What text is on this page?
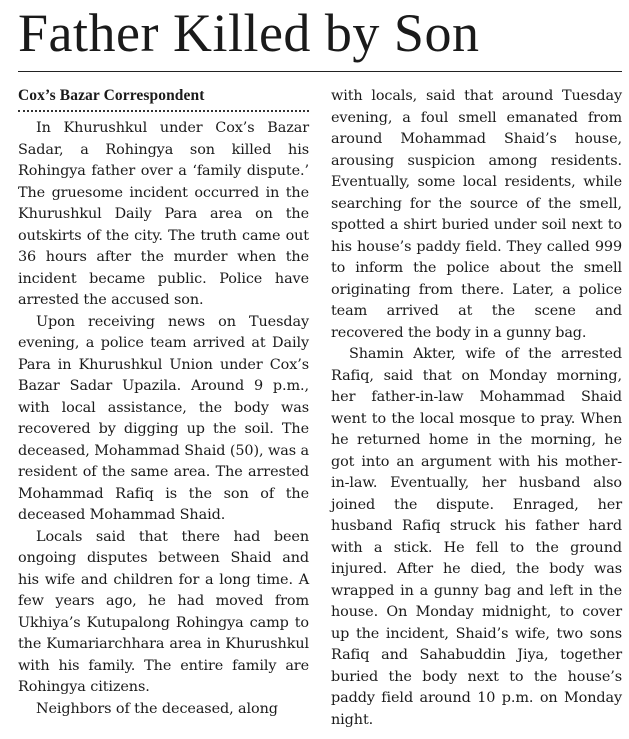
Father Killed by Son
Cox’s Bazar Correspondent

In Khurushkul under Cox’s Bazar Sadar, a Rohingya son killed his Rohingya father over a ‘family dispute.’ The gruesome incident occurred in the Khurushkul Daily Para area on the outskirts of the city. The truth came out 36 hours after the murder when the incident became public. Police have arrested the accused son.

Upon receiving news on Tuesday evening, a police team arrived at Daily Para in Khurushkul Union under Cox’s Bazar Sadar Upazila. Around 9 p.m., with local assistance, the body was recovered by digging up the soil. The deceased, Mohammad Shaid (50), was a resident of the same area. The arrested Mohammad Rafiq is the son of the deceased Mohammad Shaid.

Locals said that there had been ongoing disputes between Shaid and his wife and children for a long time. A few years ago, he had moved from Ukhiya’s Kutupalong Rohingya camp to the Kumariarchhara area in Khurushkul with his family. The entire family are Rohingya citizens.

Neighbors of the deceased, along

with locals, said that around Tuesday evening, a foul smell emanated from around Mohammad Shaid’s house, arousing suspicion among residents. Eventually, some local residents, while searching for the source of the smell, spotted a shirt buried under soil next to his house’s paddy field. They called 999 to inform the police about the smell originating from there. Later, a police team arrived at the scene and recovered the body in a gunny bag.

Shamin Akter, wife of the arrested Rafiq, said that on Monday morning, her father-in-law Mohammad Shaid went to the local mosque to pray. When he returned home in the morning, he got into an argument with his mother-in-law. Eventually, her husband also joined the dispute. Enraged, her husband Rafiq struck his father hard with a stick. He fell to the ground injured. After he died, the body was wrapped in a gunny bag and left in the house. On Monday midnight, to cover up the incident, Shaid’s wife, two sons Rafiq and Sahabuddin Jiya, together buried the body next to the house’s paddy field around 10 p.m. on Monday night.
